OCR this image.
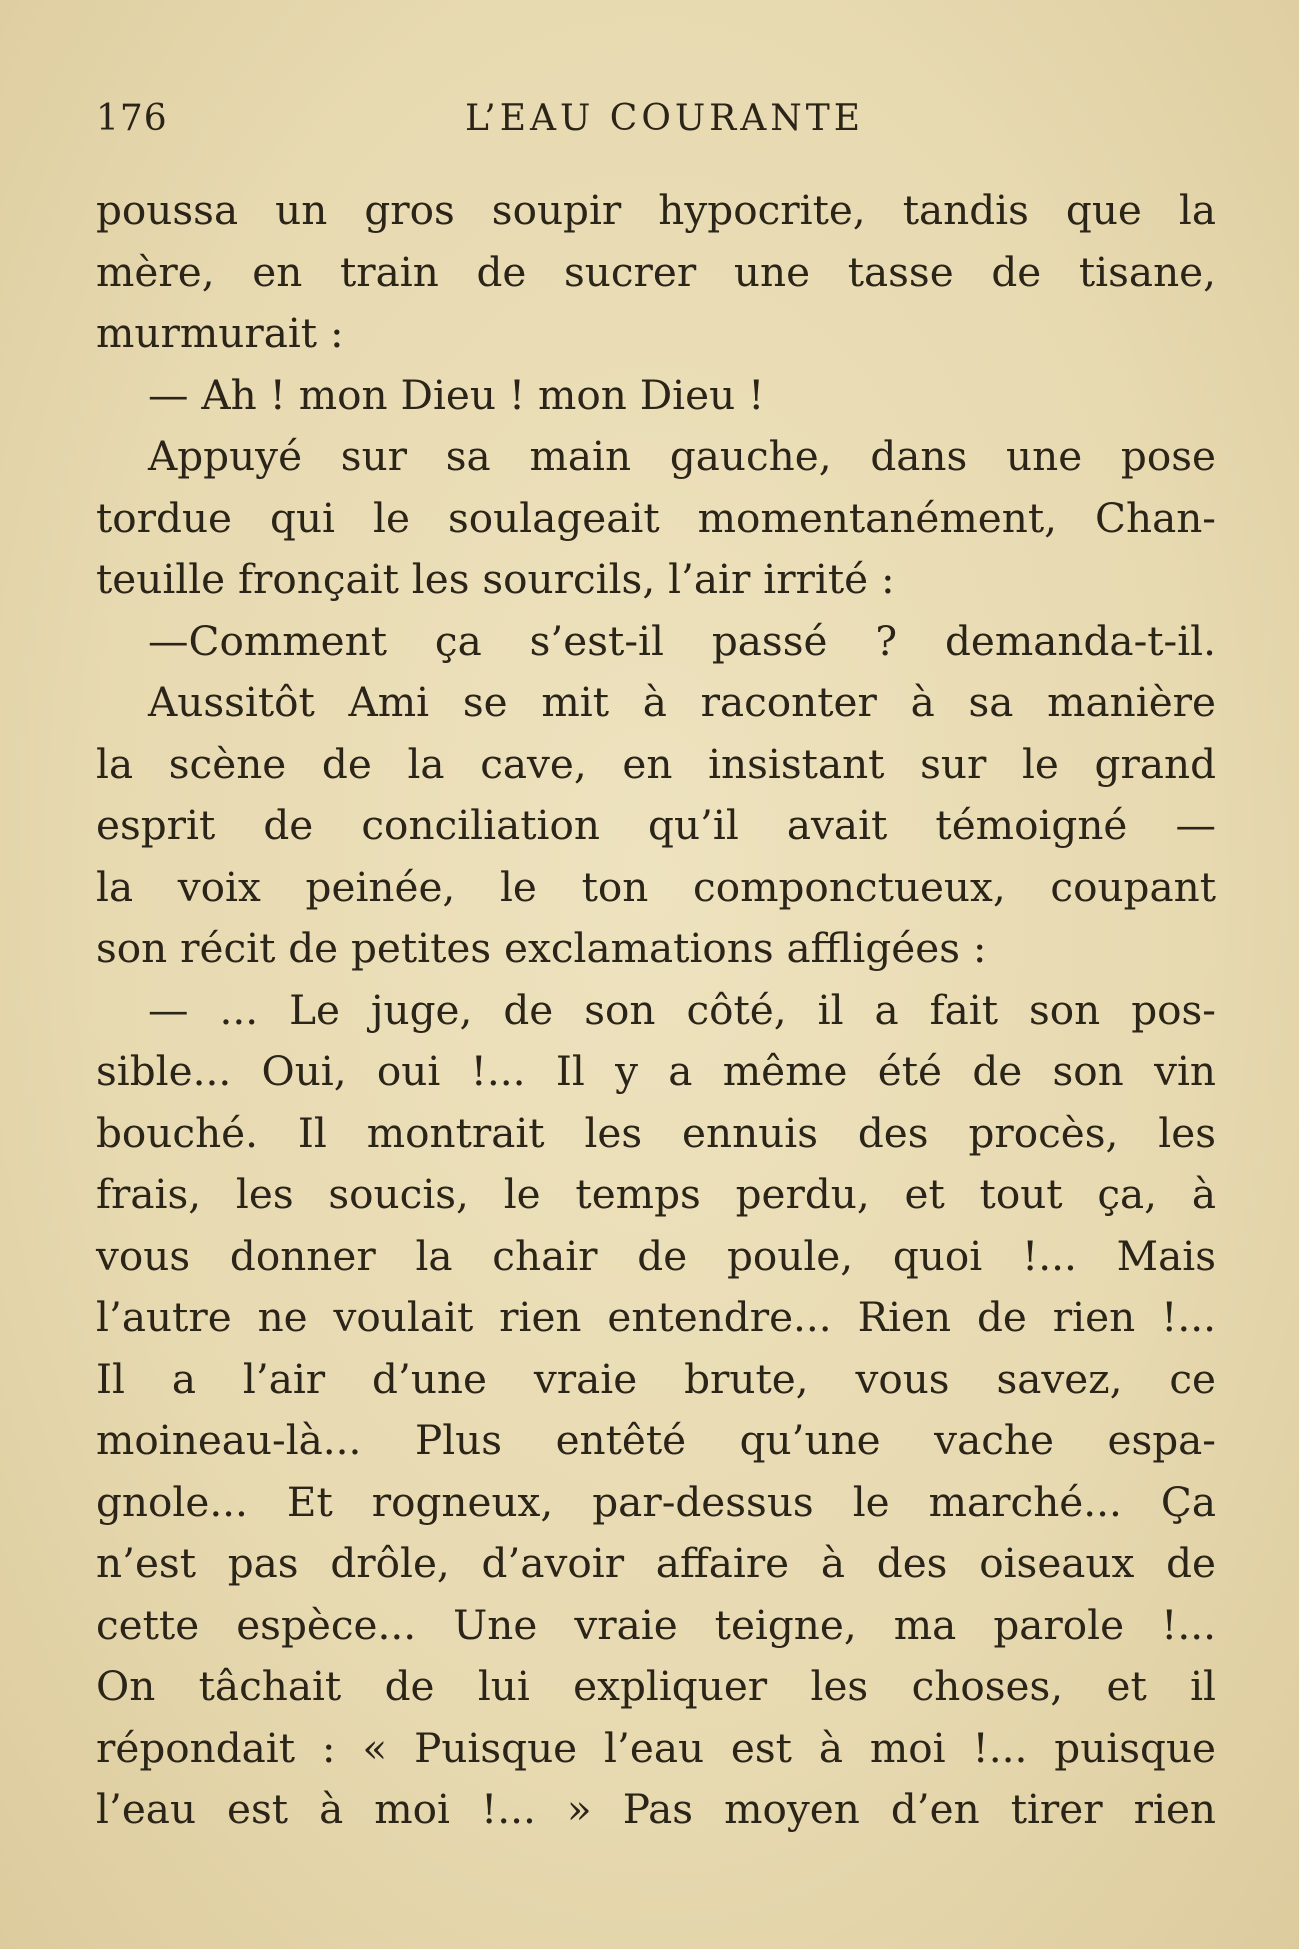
176	L’EAU COURANTE
poussa un gros soupir hypocrite, tandis que la
mère, en train de sucrer une tasse de tisane,
murmurait :
— Ah ! mon Dieu ! mon Dieu !
Appuyé sur sa main gauche, dans une pose
tordue qui le soulageait momentanément, Chan-
teuille fronçait les sourcils, l’air irrité :
—Comment ça s’est-il passé ? demanda-t-il.
Aussitôt Ami se mit à raconter à sa manière
la scène de la cave, en insistant sur le grand
esprit de conciliation qu’il avait témoigné —
la voix peinée, le ton componctueux, coupant
son récit de petites exclamations affligées :
— ... Le juge, de son côté, il a fait son pos-
sible... Oui, oui !... Il y a même été de son vin
bouché. Il montrait les ennuis des procès, les
frais, les soucis, le temps perdu, et tout ça, à
vous donner la chair de poule, quoi !... Mais
l’autre ne voulait rien entendre... Rien de rien !...
Il a l’air d’une vraie brute, vous savez, ce
moineau-là... Plus entêté qu’une vache espa-
gnole... Et rogneux, par-dessus le marché... Ça
n’est pas drôle, d’avoir affaire à des oiseaux de
cette espèce... Une vraie teigne, ma parole !...
On tâchait de lui expliquer les choses, et il
répondait : « Puisque l’eau est à moi !... puisque
l’eau est à moi !... » Pas moyen d’en tirer rien
